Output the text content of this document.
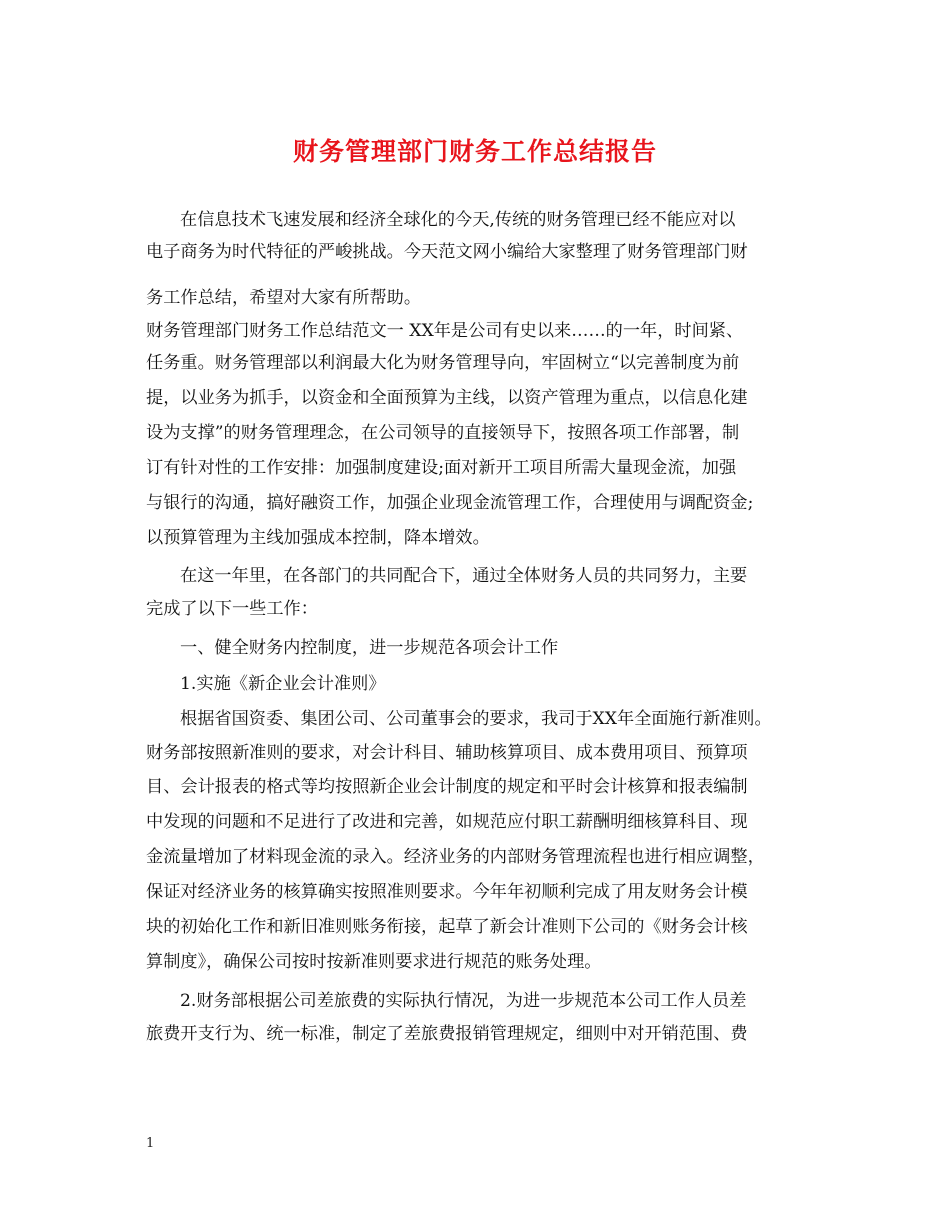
财务管理部门财务工作总结报告
在信息技术飞速发展和经济全球化的今天,传统的财务管理已经不能应对以
电子商务为时代特征的严峻挑战。今天范文网小编给大家整理了财务管理部门财
务工作总结，希望对大家有所帮助。
财务管理部门财务工作总结范文一 XX年是公司有史以来……的一年，时间紧、
任务重。财务管理部以利润最大化为财务管理导向，牢固树立“以完善制度为前
提，以业务为抓手，以资金和全面预算为主线，以资产管理为重点，以信息化建
设为支撑”的财务管理理念，在公司领导的直接领导下，按照各项工作部署，制
订有针对性的工作安排：加强制度建设;面对新开工项目所需大量现金流，加强
与银行的沟通，搞好融资工作，加强企业现金流管理工作，合理使用与调配资金;
以预算管理为主线加强成本控制，降本增效。
在这一年里，在各部门的共同配合下，通过全体财务人员的共同努力，主要
完成了以下一些工作：
一、健全财务内控制度，进一步规范各项会计工作
1.实施《新企业会计准则》
根据省国资委、集团公司、公司董事会的要求，我司于XX年全面施行新准则。
财务部按照新准则的要求，对会计科目、辅助核算项目、成本费用项目、预算项
目、会计报表的格式等均按照新企业会计制度的规定和平时会计核算和报表编制
中发现的问题和不足进行了改进和完善，如规范应付职工薪酬明细核算科目、现
金流量增加了材料现金流的录入。经济业务的内部财务管理流程也进行相应调整，
保证对经济业务的核算确实按照准则要求。今年年初顺利完成了用友财务会计模
块的初始化工作和新旧准则账务衔接，起草了新会计准则下公司的《财务会计核
算制度》，确保公司按时按新准则要求进行规范的账务处理。
2.财务部根据公司差旅费的实际执行情况，为进一步规范本公司工作人员差
旅费开支行为、统一标准，制定了差旅费报销管理规定，细则中对开销范围、费
1
